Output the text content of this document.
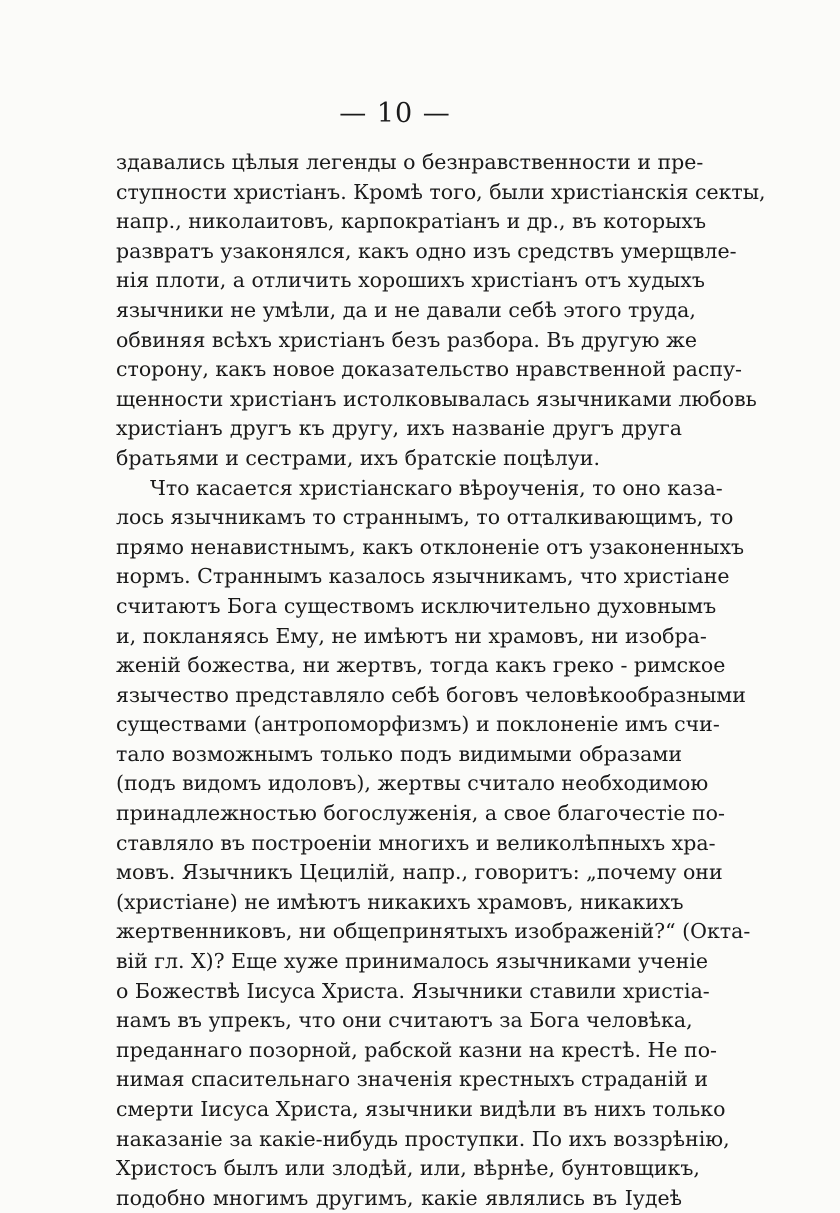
— 10 —
здавались цѣлыя легенды о безнравственности и пре-
ступности христіанъ. Кромѣ того, были христіанскія секты,
напр., николаитовъ, карпократіанъ и др., въ которыхъ
развратъ узаконялся, какъ одно изъ средствъ умерщвле-
нія плоти, а отличить хорошихъ христіанъ отъ худыхъ
язычники не умѣли, да и не давали себѣ этого труда,
обвиняя всѣхъ христіанъ безъ разбора. Въ другую же
сторону, какъ новое доказательство нравственной распу-
щенности христіанъ истолковывалась язычниками любовь
христіанъ другъ къ другу, ихъ названіе другъ друга
братьями и сестрами, ихъ братскіе поцѣлуи.
Что касается христіанскаго вѣроученія, то оно каза-
лось язычникамъ то страннымъ, то отталкивающимъ, то
прямо ненавистнымъ, какъ отклоненіе отъ узаконенныхъ
нормъ. Страннымъ казалось язычникамъ, что христіане
считаютъ Бога существомъ исключительно духовнымъ
и, покланяясь Ему, не имѣютъ ни храмовъ, ни изобра-
женій божества, ни жертвъ, тогда какъ греко - римское
язычество представляло себѣ боговъ человѣкообразными
существами (антропоморфизмъ) и поклоненіе имъ счи-
тало возможнымъ только подъ видимыми образами
(подъ видомъ идоловъ), жертвы считало необходимою
принадлежностью богослуженія, а свое благочестіе по-
ставляло въ построеніи многихъ и великолѣпныхъ хра-
мовъ. Язычникъ Цецилій, напр., говоритъ: „почему они
(христіане) не имѣютъ никакихъ храмовъ, никакихъ
жертвенниковъ, ни общепринятыхъ изображеній?“ (Окта-
вій гл. X)? Еще хуже принималось язычниками ученіе
о Божествѣ Іисуса Христа. Язычники ставили христіа-
намъ въ упрекъ, что они считаютъ за Бога человѣка,
преданнаго позорной, рабской казни на крестѣ. Не по-
нимая спасительнаго значенія крестныхъ страданій и
смерти Іисуса Христа, язычники видѣли въ нихъ только
наказаніе за какіе-нибудь проступки. По ихъ воззрѣнію,
Христосъ былъ или злодѣй, или, вѣрнѣе, бунтовщикъ,
подобно многимъ другимъ, какіе являлись въ Іудеѣ
